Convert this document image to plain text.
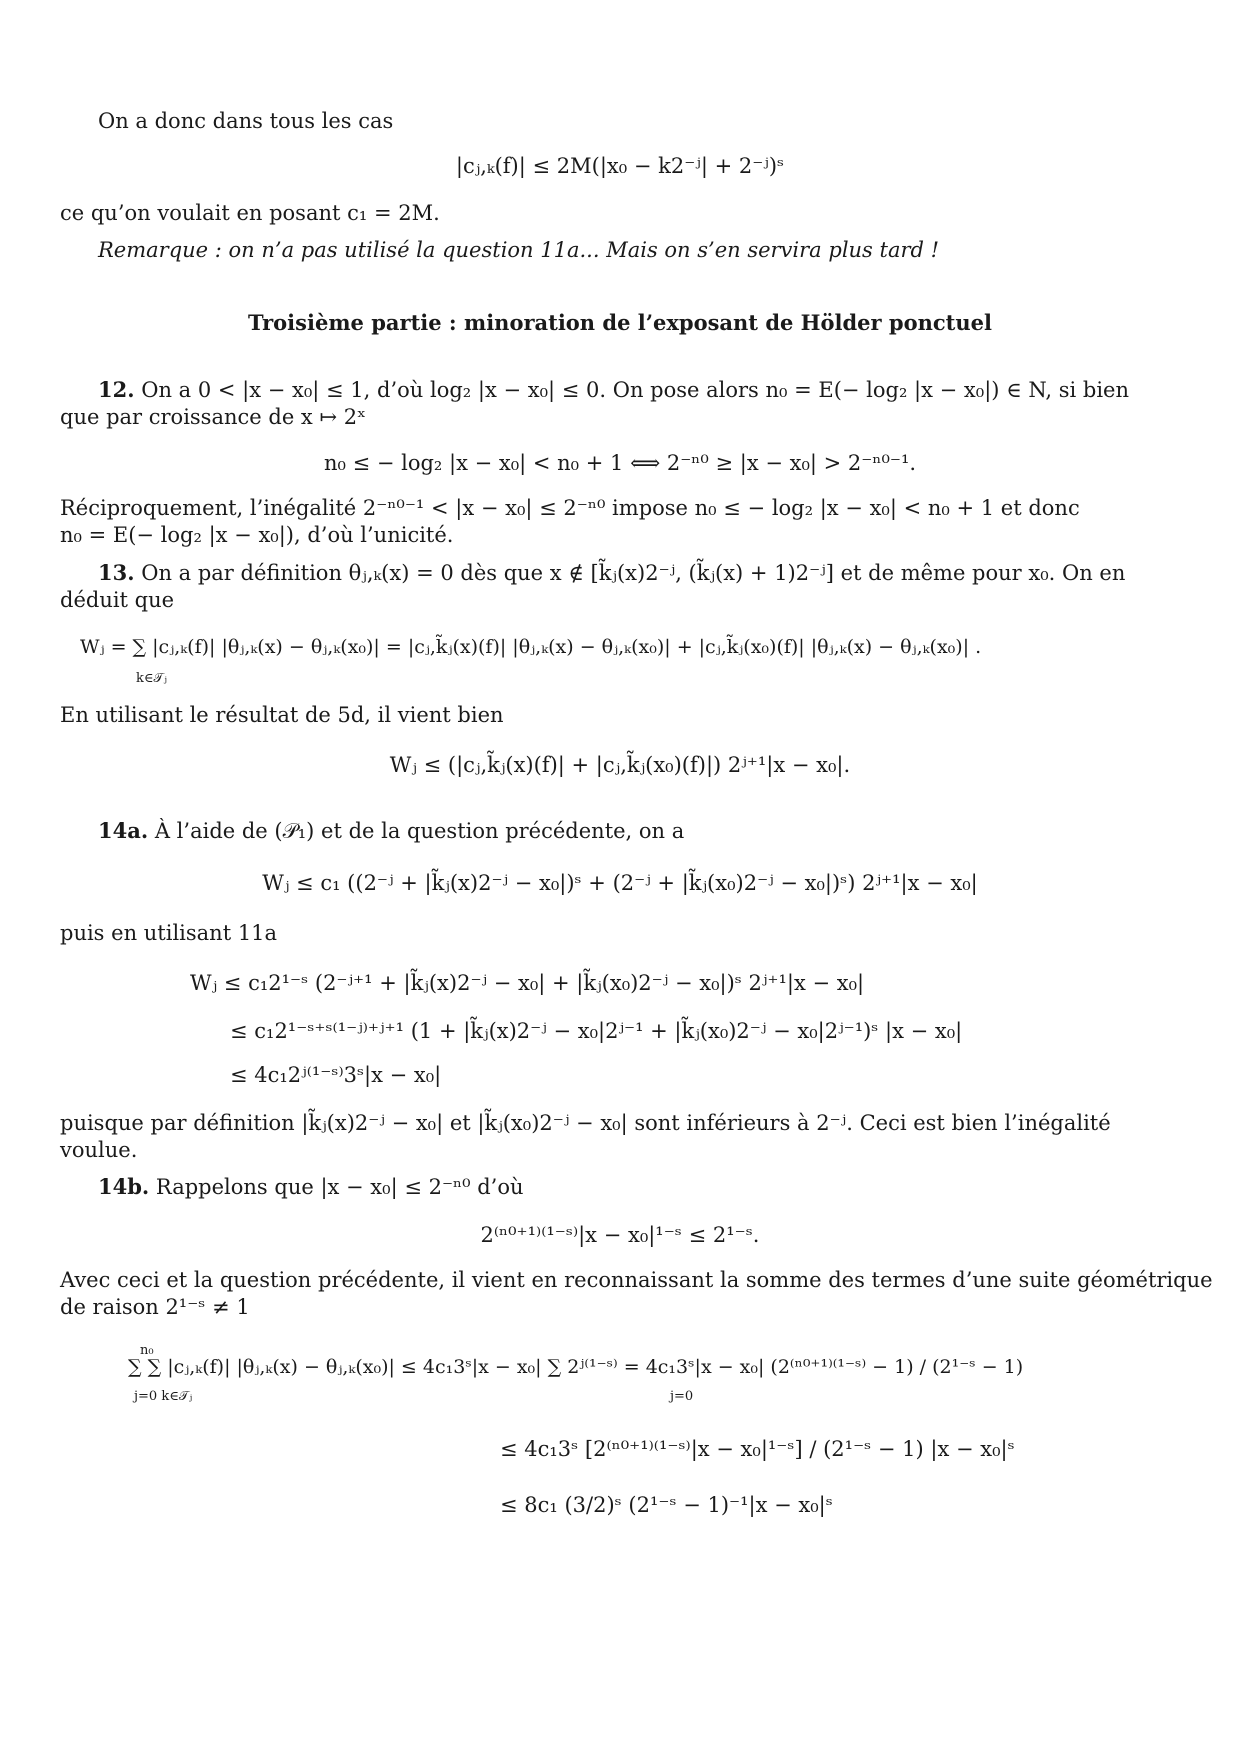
On a donc dans tous les cas
|cⱼ,ₖ(f)| ≤ 2M(|x₀ − k2⁻ʲ| + 2⁻ʲ)ˢ
ce qu’on voulait en posant c₁ = 2M.
Remarque : on n’a pas utilisé la question 11a... Mais on s’en servira plus tard !
Troisième partie : minoration de l’exposant de Hölder ponctuel
12. On a 0 < |x − x₀| ≤ 1, d’où log₂ |x − x₀| ≤ 0. On pose alors n₀ = E(− log₂ |x − x₀|) ∈ N, si bien
que par croissance de x ↦ 2ˣ
n₀ ≤ − log₂ |x − x₀| < n₀ + 1 ⟺ 2⁻ⁿ⁰ ≥ |x − x₀| > 2⁻ⁿ⁰⁻¹.
Réciproquement, l’inégalité 2⁻ⁿ⁰⁻¹ < |x − x₀| ≤ 2⁻ⁿ⁰ impose n₀ ≤ − log₂ |x − x₀| < n₀ + 1 et donc
n₀ = E(− log₂ |x − x₀|), d’où l’unicité.
13. On a par définition θⱼ,ₖ(x) = 0 dès que x ∉ [k̃ⱼ(x)2⁻ʲ, (k̃ⱼ(x) + 1)2⁻ʲ] et de même pour x₀. On en
déduit que
Wⱼ = ∑ |cⱼ,ₖ(f)| |θⱼ,ₖ(x) − θⱼ,ₖ(x₀)| = |cⱼ,k̃ⱼ(x)(f)| |θⱼ,ₖ(x) − θⱼ,ₖ(x₀)| + |cⱼ,k̃ⱼ(x₀)(f)| |θⱼ,ₖ(x) − θⱼ,ₖ(x₀)| .
k∈𝒯ⱼ
En utilisant le résultat de 5d, il vient bien
Wⱼ ≤ (|cⱼ,k̃ⱼ(x)(f)| + |cⱼ,k̃ⱼ(x₀)(f)|) 2ʲ⁺¹|x − x₀|.
14a. À l’aide de (𝒫₁) et de la question précédente, on a
Wⱼ ≤ c₁ ((2⁻ʲ + |k̃ⱼ(x)2⁻ʲ − x₀|)ˢ + (2⁻ʲ + |k̃ⱼ(x₀)2⁻ʲ − x₀|)ˢ) 2ʲ⁺¹|x − x₀|
puis en utilisant 11a
Wⱼ ≤ c₁2¹⁻ˢ (2⁻ʲ⁺¹ + |k̃ⱼ(x)2⁻ʲ − x₀| + |k̃ⱼ(x₀)2⁻ʲ − x₀|)ˢ 2ʲ⁺¹|x − x₀|
≤ c₁2¹⁻ˢ⁺ˢ⁽¹⁻ʲ⁾⁺ʲ⁺¹ (1 + |k̃ⱼ(x)2⁻ʲ − x₀|2ʲ⁻¹ + |k̃ⱼ(x₀)2⁻ʲ − x₀|2ʲ⁻¹)ˢ |x − x₀|
≤ 4c₁2ʲ⁽¹⁻ˢ⁾3ˢ|x − x₀|
puisque par définition |k̃ⱼ(x)2⁻ʲ − x₀| et |k̃ⱼ(x₀)2⁻ʲ − x₀| sont inférieurs à 2⁻ʲ. Ceci est bien l’inégalité
voulue.
14b. Rappelons que |x − x₀| ≤ 2⁻ⁿ⁰ d’où
2⁽ⁿ⁰⁺¹⁾⁽¹⁻ˢ⁾|x − x₀|¹⁻ˢ ≤ 2¹⁻ˢ.
Avec ceci et la question précédente, il vient en reconnaissant la somme des termes d’une suite géométrique
de raison 2¹⁻ˢ ≠ 1
n₀
∑ ∑ |cⱼ,ₖ(f)| |θⱼ,ₖ(x) − θⱼ,ₖ(x₀)| ≤ 4c₁3ˢ|x − x₀| ∑ 2ʲ⁽¹⁻ˢ⁾ = 4c₁3ˢ|x − x₀| (2⁽ⁿ⁰⁺¹⁾⁽¹⁻ˢ⁾ − 1) / (2¹⁻ˢ − 1)
j=0 k∈𝒯ⱼ	j=0
≤ 4c₁3ˢ [2⁽ⁿ⁰⁺¹⁾⁽¹⁻ˢ⁾|x − x₀|¹⁻ˢ] / (2¹⁻ˢ − 1) |x − x₀|ˢ
≤ 8c₁ (3/2)ˢ (2¹⁻ˢ − 1)⁻¹|x − x₀|ˢ
